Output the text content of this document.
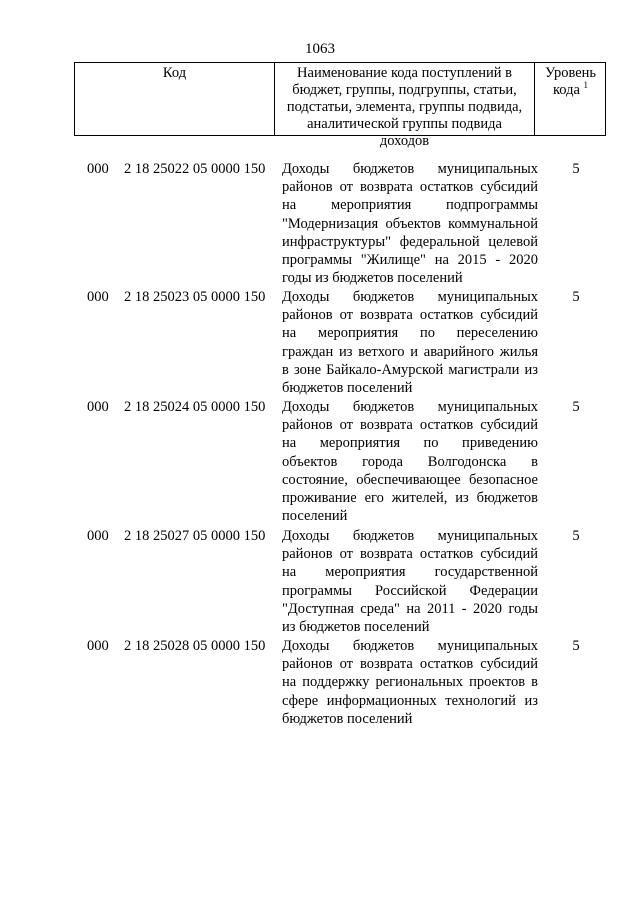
1063
Код	Наименование кода поступлений в
бюджет, группы, подгруппы, статьи,
подстатьи, элемента, группы подвида,
аналитической группы подвида доходов
Уровень
кода $^1$
000 2 18 25022 05 0000 150 Доходы бюджетов муниципальных
районов от возврата остатков субсидий
на мероприятия подпрограммы
"Модернизация объектов коммунальной
инфраструктуры" федеральной целевой
программы "Жилище" на 2015 - 2020
годы из бюджетов поселений
5
000 2 18 25023 05 0000 150 Доходы бюджетов муниципальных
районов от возврата остатков субсидий
на мероприятия по переселению
граждан из ветхого и аварийного жилья
в зоне Байкало-Амурской магистрали из
бюджетов поселений
5
000 2 18 25024 05 0000 150 Доходы бюджетов муниципальных
районов от возврата остатков субсидий
на мероприятия по приведению
объектов города Волгодонска в
состояние, обеспечивающее безопасное
проживание его жителей, из бюджетов
поселений
5
000 2 18 25027 05 0000 150 Доходы бюджетов муниципальных
районов от возврата остатков субсидий
на мероприятия государственной
программы Российской Федерации
"Доступная среда" на 2011 - 2020 годы
из бюджетов поселений
5
000 2 18 25028 05 0000 150 Доходы бюджетов муниципальных
районов от возврата остатков субсидий
на поддержку региональных проектов в
сфере информационных технологий из
бюджетов поселений
5
